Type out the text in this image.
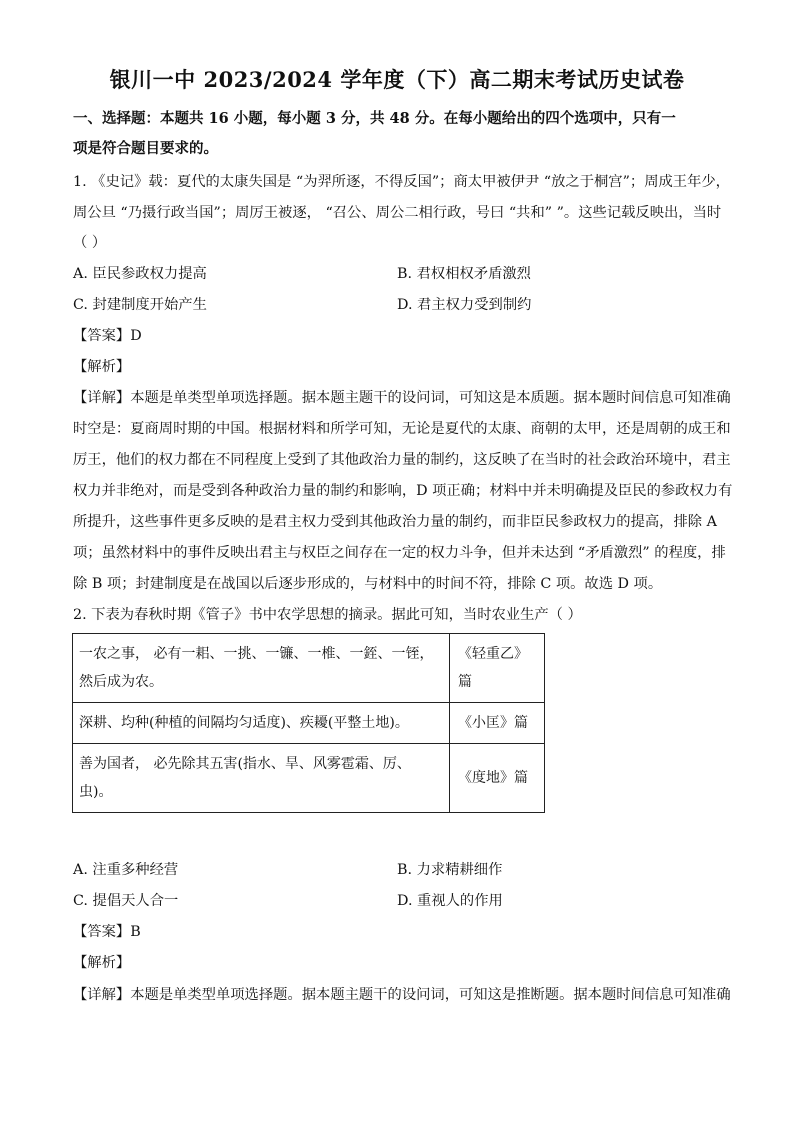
银川一中 2023/2024 学年度（下）高二期末考试历史试卷
一、选择题：本题共 16 小题，每小题 3 分，共 48 分。在每小题给出的四个选项中，只有一
项是符合题目要求的。
1. 《史记》载：夏代的太康失国是 “为羿所逐，不得反国”；商太甲被伊尹 “放之于桐宫”；周成王年少，
周公旦 “乃摄行政当国”；周厉王被逐， “召公、周公二相行政，号曰 “共和” ”。这些记载反映出，当时
（ ）
A. 臣民参政权力提高	B. 君权相权矛盾激烈
C. 封建制度开始产生	D. 君主权力受到制约
【答案】D
【解析】
【详解】本题是单类型单项选择题。据本题主题干的设问词，可知这是本质题。据本题时间信息可知准确
时空是：夏商周时期的中国。根据材料和所学可知，无论是夏代的太康、商朝的太甲，还是周朝的成王和
厉王，他们的权力都在不同程度上受到了其他政治力量的制约，这反映了在当时的社会政治环境中，君主
权力并非绝对，而是受到各种政治力量的制约和影响，D 项正确；材料中并未明确提及臣民的参政权力有
所提升，这些事件更多反映的是君主权力受到其他政治力量的制约，而非臣民参政权力的提高，排除 A
项；虽然材料中的事件反映出君主与权臣之间存在一定的权力斗争，但并未达到 “矛盾激烈” 的程度，排
除 B 项；封建制度是在战国以后逐步形成的，与材料中的时间不符，排除 C 项。故选 D 项。
2. 下表为春秋时期《管子》书中农学思想的摘录。据此可知，当时农业生产（ ）
一农之事， 必有一耜、一挑、一镰、一椎、一銍、一铚，然后成为农。	《轻重乙》篇
深耕、均种(种植的间隔均匀适度)、疾耰(平整土地)。	《小匡》篇
善为国者， 必先除其五害(指水、旱、风雾雹霜、厉、虫)。	《度地》篇
A. 注重多种经营	B. 力求精耕细作
C. 提倡天人合一	D. 重视人的作用
【答案】B
【解析】
【详解】本题是单类型单项选择题。据本题主题干的设问词，可知这是推断题。据本题时间信息可知准确
